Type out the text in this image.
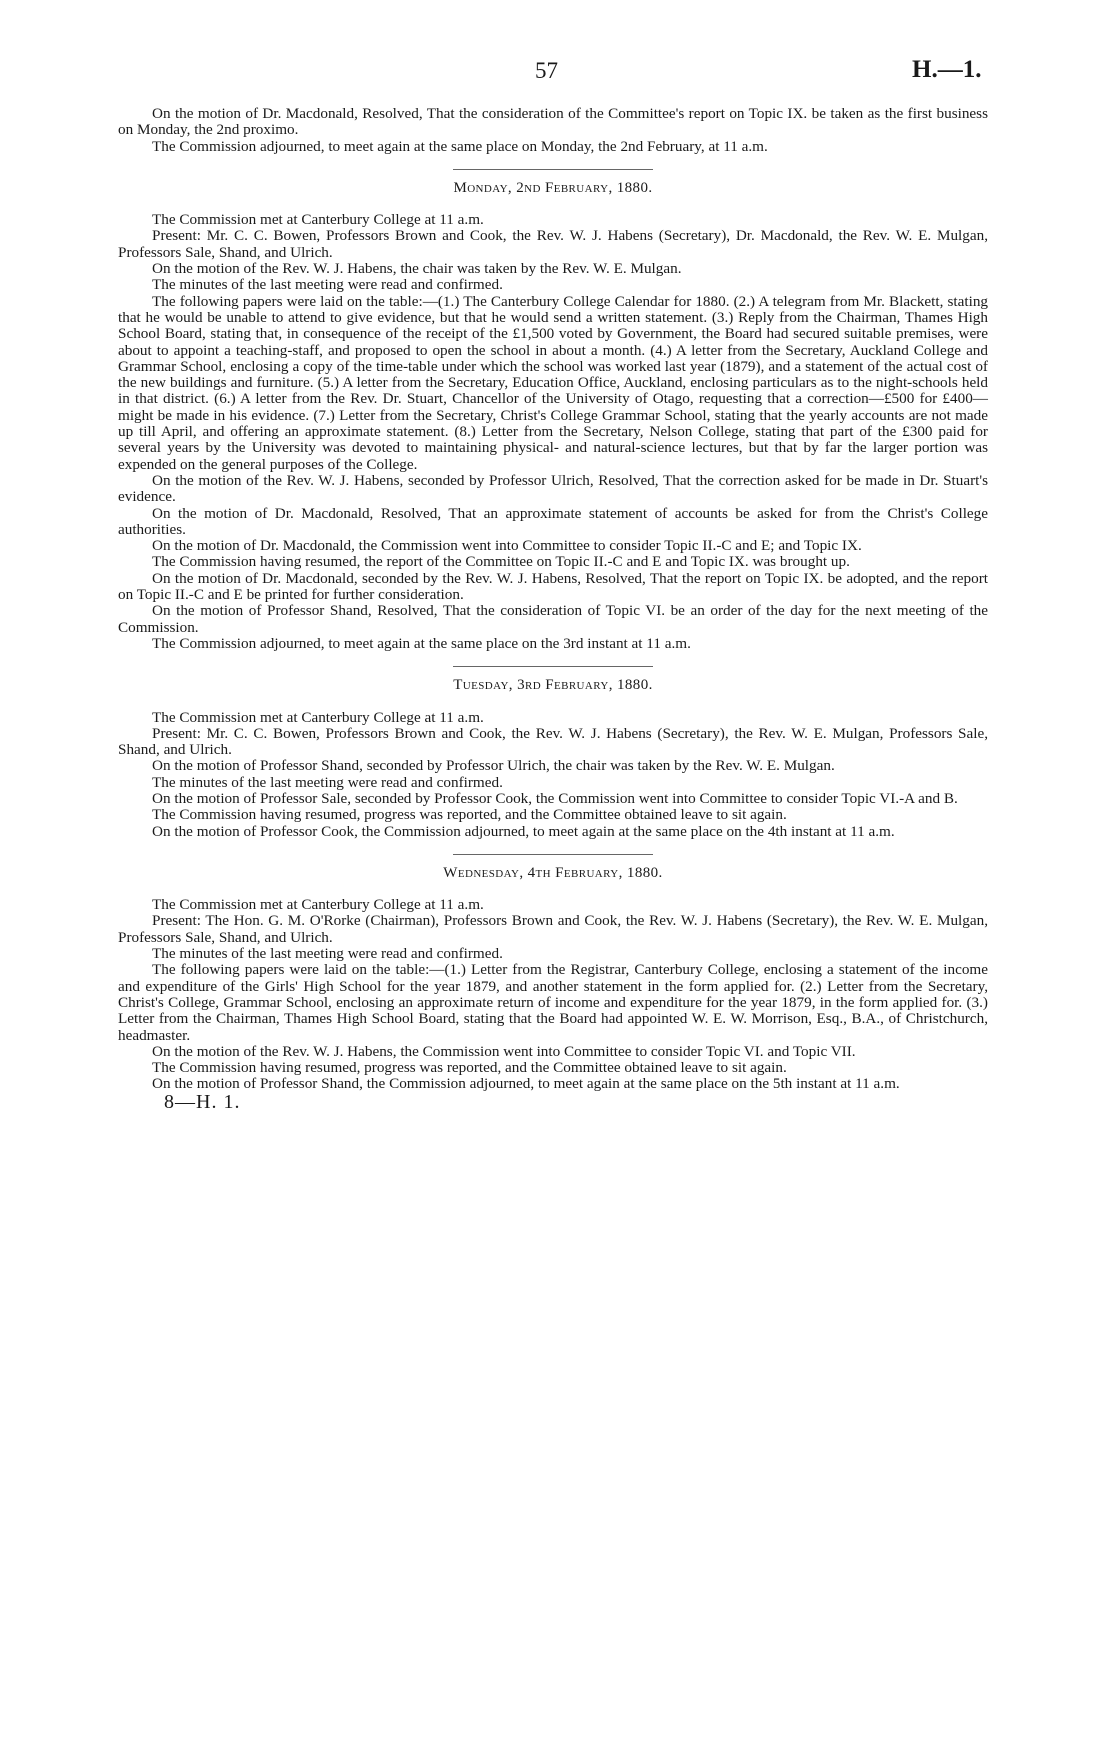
57	H.—1.

On the motion of Dr. Macdonald, Resolved, That the consideration of the Committee's report on Topic IX. be taken as the first business on Monday, the 2nd proximo.

The Commission adjourned, to meet again at the same place on Monday, the 2nd February, at 11 a.m.

Monday, 2nd February, 1880.

The Commission met at Canterbury College at 11 a.m.

Present: Mr. C. C. Bowen, Professors Brown and Cook, the Rev. W. J. Habens (Secretary), Dr. Macdonald, the Rev. W. E. Mulgan, Professors Sale, Shand, and Ulrich.

On the motion of the Rev. W. J. Habens, the chair was taken by the Rev. W. E. Mulgan.

The minutes of the last meeting were read and confirmed.

The following papers were laid on the table:—(1.) The Canterbury College Calendar for 1880. (2.) A telegram from Mr. Blackett, stating that he would be unable to attend to give evidence, but that he would send a written statement. (3.) Reply from the Chairman, Thames High School Board, stating that, in consequence of the receipt of the £1,500 voted by Government, the Board had secured suitable premises, were about to appoint a teaching-staff, and proposed to open the school in about a month. (4.) A letter from the Secretary, Auckland College and Grammar School, enclosing a copy of the time-table under which the school was worked last year (1879), and a statement of the actual cost of the new buildings and furniture. (5.) A letter from the Secretary, Education Office, Auckland, enclosing particulars as to the night-schools held in that district. (6.) A letter from the Rev. Dr. Stuart, Chancellor of the University of Otago, requesting that a correction—£500 for £400—might be made in his evidence. (7.) Letter from the Secretary, Christ's College Grammar School, stating that the yearly accounts are not made up till April, and offering an approximate statement. (8.) Letter from the Secretary, Nelson College, stating that part of the £300 paid for several years by the University was devoted to maintaining physical- and natural-science lectures, but that by far the larger portion was expended on the general purposes of the College.

On the motion of the Rev. W. J. Habens, seconded by Professor Ulrich, Resolved, That the correction asked for be made in Dr. Stuart's evidence.

On the motion of Dr. Macdonald, Resolved, That an approximate statement of accounts be asked for from the Christ's College authorities.

On the motion of Dr. Macdonald, the Commission went into Committee to consider Topic II.-C and E; and Topic IX.

The Commission having resumed, the report of the Committee on Topic II.-C and E and Topic IX. was brought up.

On the motion of Dr. Macdonald, seconded by the Rev. W. J. Habens, Resolved, That the report on Topic IX. be adopted, and the report on Topic II.-C and E be printed for further consideration.

On the motion of Professor Shand, Resolved, That the consideration of Topic VI. be an order of the day for the next meeting of the Commission.

The Commission adjourned, to meet again at the same place on the 3rd instant at 11 a.m.

Tuesday, 3rd February, 1880.

The Commission met at Canterbury College at 11 a.m.

Present: Mr. C. C. Bowen, Professors Brown and Cook, the Rev. W. J. Habens (Secretary), the Rev. W. E. Mulgan, Professors Sale, Shand, and Ulrich.

On the motion of Professor Shand, seconded by Professor Ulrich, the chair was taken by the Rev. W. E. Mulgan.

The minutes of the last meeting were read and confirmed.

On the motion of Professor Sale, seconded by Professor Cook, the Commission went into Committee to consider Topic VI.-A and B.

The Commission having resumed, progress was reported, and the Committee obtained leave to sit again.

On the motion of Professor Cook, the Commission adjourned, to meet again at the same place on the 4th instant at 11 a.m.

Wednesday, 4th February, 1880.

The Commission met at Canterbury College at 11 a.m.

Present: The Hon. G. M. O'Rorke (Chairman), Professors Brown and Cook, the Rev. W. J. Habens (Secretary), the Rev. W. E. Mulgan, Professors Sale, Shand, and Ulrich.

The minutes of the last meeting were read and confirmed.

The following papers were laid on the table:—(1.) Letter from the Registrar, Canterbury College, enclosing a statement of the income and expenditure of the Girls' High School for the year 1879, and another statement in the form applied for. (2.) Letter from the Secretary, Christ's College, Grammar School, enclosing an approximate return of income and expenditure for the year 1879, in the form applied for. (3.) Letter from the Chairman, Thames High School Board, stating that the Board had appointed W. E. W. Morrison, Esq., B.A., of Christchurch, headmaster.

On the motion of the Rev. W. J. Habens, the Commission went into Committee to consider Topic VI. and Topic VII.

The Commission having resumed, progress was reported, and the Committee obtained leave to sit again.

On the motion of Professor Shand, the Commission adjourned, to meet again at the same place on the 5th instant at 11 a.m.

8—H. 1.
